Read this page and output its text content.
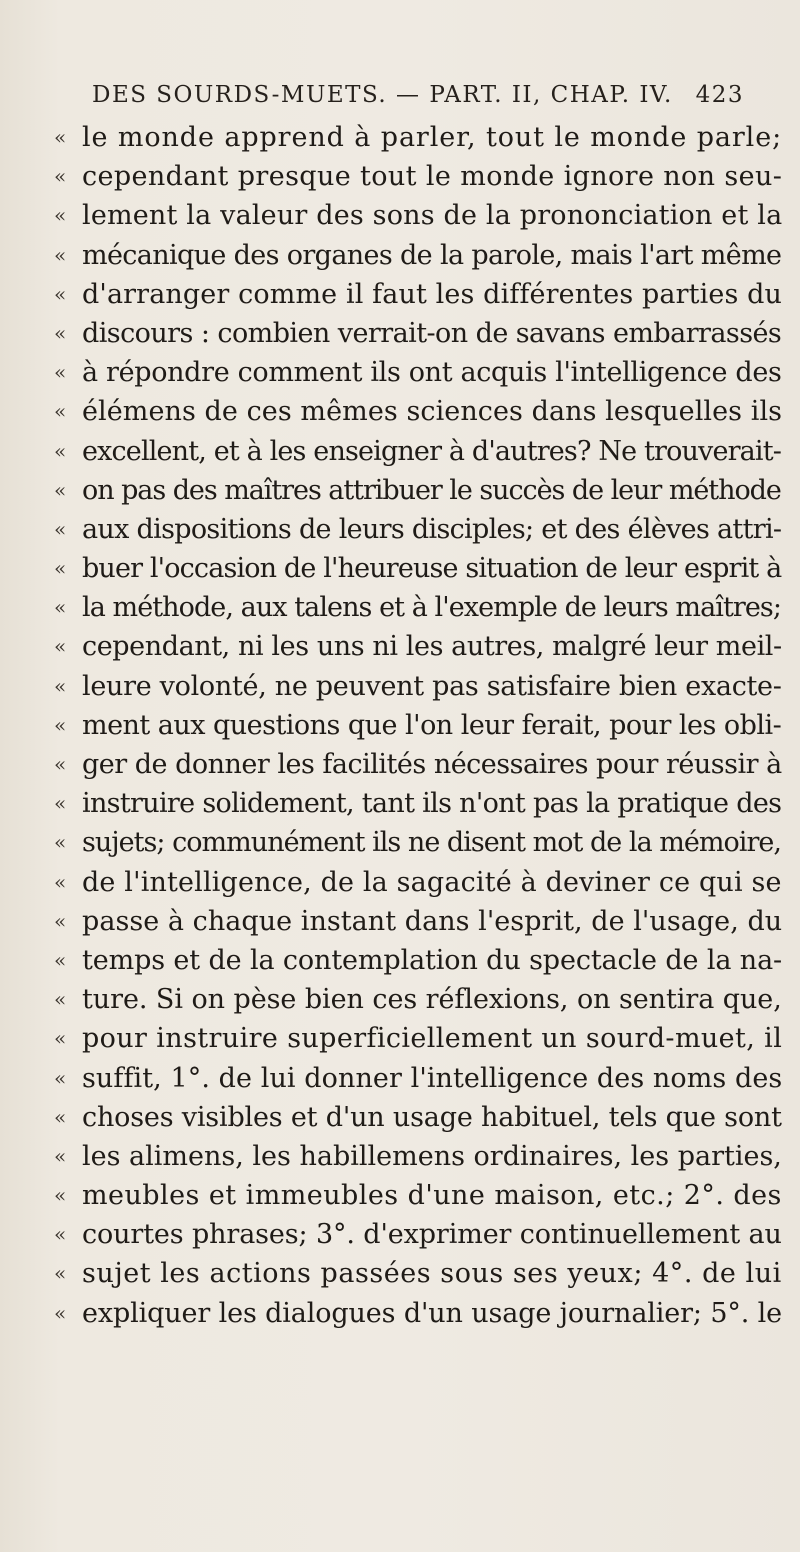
DES SOURDS-MUETS. — PART. II, CHAP. IV. 423
« le monde apprend à parler, tout le monde parle;
« cependant presque tout le monde ignore non seu-
« lement la valeur des sons de la prononciation et la
« mécanique des organes de la parole, mais l'art même
« d'arranger comme il faut les différentes parties du
« discours : combien verrait-on de savans embarrassés
« à répondre comment ils ont acquis l'intelligence des
« élémens de ces mêmes sciences dans lesquelles ils
« excellent, et à les enseigner à d'autres? Ne trouverait-
« on pas des maîtres attribuer le succès de leur méthode
« aux dispositions de leurs disciples; et des élèves attri-
« buer l'occasion de l'heureuse situation de leur esprit à
« la méthode, aux talens et à l'exemple de leurs maîtres;
« cependant, ni les uns ni les autres, malgré leur meil-
« leure volonté, ne peuvent pas satisfaire bien exacte-
« ment aux questions que l'on leur ferait, pour les obli-
« ger de donner les facilités nécessaires pour réussir à
« instruire solidement, tant ils n'ont pas la pratique des
« sujets; communément ils ne disent mot de la mémoire,
« de l'intelligence, de la sagacité à deviner ce qui se
« passe à chaque instant dans l'esprit, de l'usage, du
« temps et de la contemplation du spectacle de la na-
« ture. Si on pèse bien ces réflexions, on sentira que,
« pour instruire superficiellement un sourd-muet, il
« suffit, 1°. de lui donner l'intelligence des noms des
« choses visibles et d'un usage habituel, tels que sont
« les alimens, les habillemens ordinaires, les parties,
« meubles et immeubles d'une maison, etc.; 2°. des
« courtes phrases; 3°. d'exprimer continuellement au
« sujet les actions passées sous ses yeux; 4°. de lui
« expliquer les dialogues d'un usage journalier; 5°. le
